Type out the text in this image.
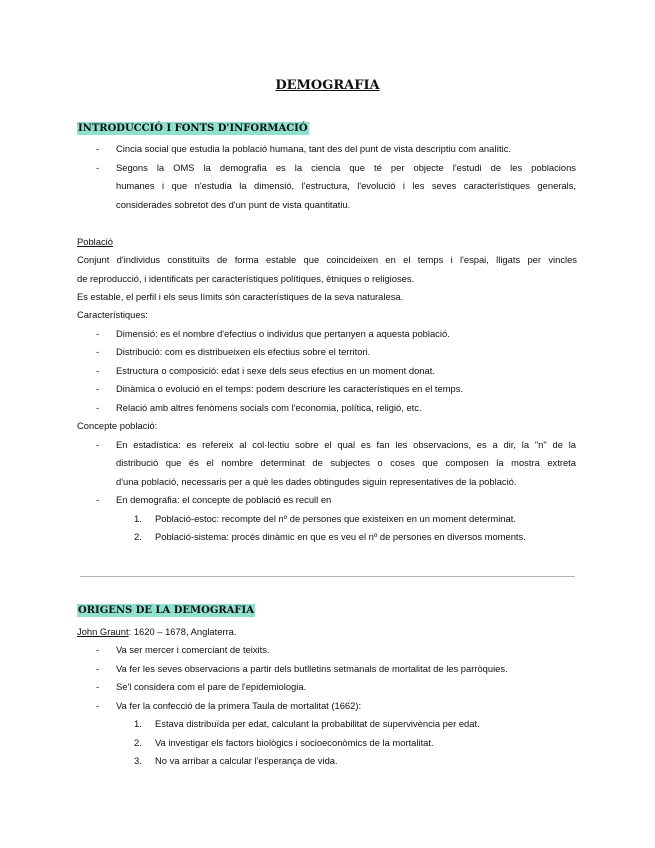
DEMOGRAFIA
INTRODUCCIÓ I FONTS D'INFORMACIÓ
- Cincia social que estudia la població humana, tant des del punt de vista descriptiu com analític.
- Segons la OMS la demografia es la ciencia que té per objecte l'estudi de les poblacions
humanes i que n'estudia la dimensió, l'estructura, l'evolució i les seves característiques generals,
considerades sobretot des d'un punt de vista quantitatiu.
Població
Conjunt d'individus constituïts de forma estable que coincideixen en el temps i l'espai, lligats per vincles
de reproducció, i identificats per característiques polítiques, ètniques o religioses.
Es estable, el perfil i els seus límits són característiques de la seva naturalesa.
Característiques:
- Dimensió: es el nombre d'efectius o individus que pertanyen a aquesta població.
- Distribució: com es distribueixen els efectius sobre el territori.
- Estructura o composició: edat i sexe dels seus efectius en un moment donat.
- Dinàmica o evolució en el temps: podem descriure les característiques en el temps.
- Relació amb altres fenòmens socials com l'economia, política, religió, etc.
Concepte població:
- En estadística: es refereix al col·lectiu sobre el qual es fan les observacions, es a dir, la "n" de la
distribució que és el nombre determinat de subjectes o coses que composen la mostra extreta
d'una població, necessaris per a què les dades obtingudes siguin representatives de la població.
- En demografia: el concepte de població es recull en
1. Població-estoc: recompte del nº de persones que existeixen en un moment determinat.
2. Població-sistema: procés dinàmic en que es veu el nº de persones en diversos moments.
ORIGENS DE LA DEMOGRAFIA
John Graunt: 1620 – 1678, Anglaterra.
- Va ser mercer i comerciant de teixits.
- Va fer les seves observacions a partir dels butlletins setmanals de mortalitat de les parròquies.
- Se'l considera com el pare de l'epidemiologia.
- Va fer la confecció de la primera Taula de mortalitat (1662):
1. Estava distribuïda per edat, calculant la probabilitat de supervivència per edat.
2. Va investigar els factors biològics i socioeconòmics de la mortalitat.
3. No va arribar a calcular l'esperança de vida.
